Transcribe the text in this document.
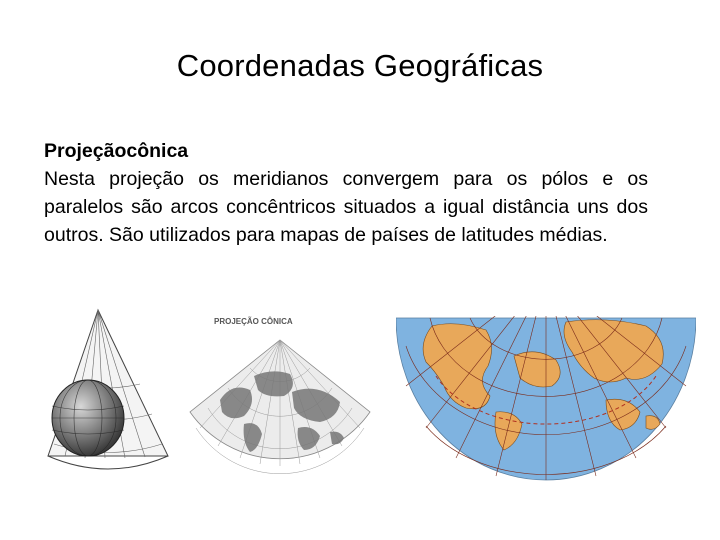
Coordenadas Geográficas
Projeçãocônica
Nesta projeção os meridianos convergem para os pólos e os paralelos são arcos concêntricos situados a igual distância uns dos outros. São utilizados para mapas de países de latitudes médias.
PROJEÇÃO CÔNICA
